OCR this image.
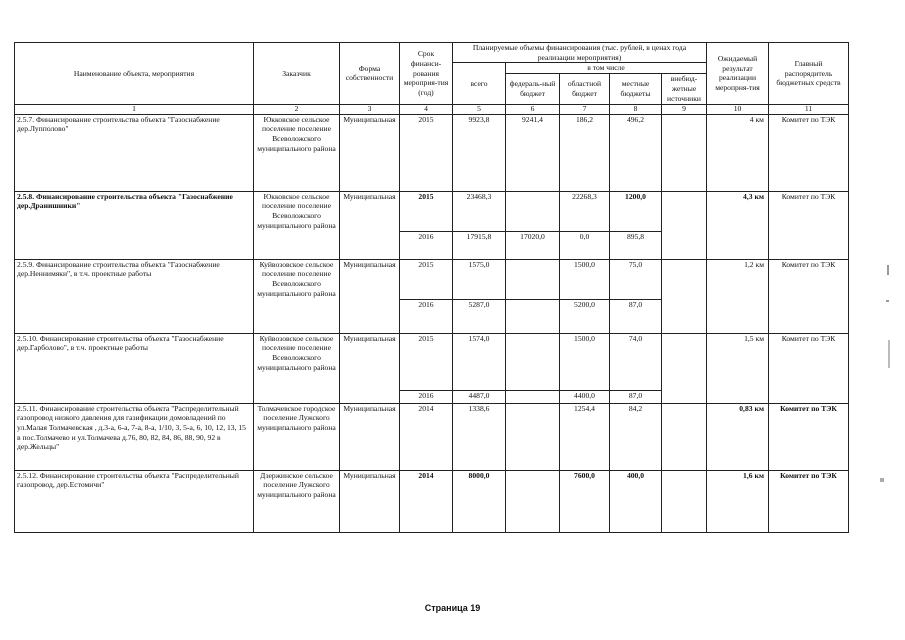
Наименование объекта, мероприятия	Заказчик	Форма собственности	Срок финанси-рования мероприя-тия (год)	Планируемые объемы финансирования (тыс. рублей, в ценах года реализации мероприятия)					Ожидаемый результат реализации меропрня-тия	Главный распорядитель бюджетных средств
				всего	в том числе					
					федераль-ный бюджет	областной бюджет	местные бюджеты	внебюд-жетные источники		
1	2	3	4	5	6	7	8	9	10	11
2.5.7. Финансирование строительства объекта "Газоснабжение дер.Лупполово"	Юкковское сельское поселение поселение Всеволожского муниципального района	Муниципальная	2015	9923,8	9241,4	186,2	496,2		4 км	Комитет по ТЭК
2.5.8. Финансирование строительства объекта "Газоснабжение дер.Дранишники"	Юкковское сельское поселение поселение Всеволожского муниципального района	Муниципальная	2015	23468,3		22268,3	1200,0		4,3 км	Комитет по ТЭК
			2016	17915,8	17020,0	0,0	895,8			
2.5.9. Финансирование строительства объекта "Газоснабжение дер.Неннимяки", в т.ч. проектные работы	Куйвозовское сельское поселение поселение Всеволожского муниципального района	Муниципальная	2015	1575,0		1500,0	75,0		1,2 км	Комитет по ТЭК
			2016	5287,0		5200,0	87,0			
2.5.10. Финансирование строительства объекта "Газоснабжение дер.Гарболово", в т.ч. проектные работы	Куйвозовское сельское поселение поселение Всеволожского муниципального района	Муниципальная	2015	1574,0		1500,0	74,0		1,5 км	Комитет по ТЭК
			2016	4487,0		4400,0	87,0			
2.5.11. Финансирование строительства объекта "Распределительный газопровод низкого давления для газификации домовладений по ул.Малая Толмачевская , д.3-а, 6-а, 7-а, 8-а, 1/10, 3, 5-а, 6, 10, 12, 13, 15 в пос.Толмачево и ул.Толмачева д.76, 80, 82, 84, 86, 88, 90, 92 в дер.Жельцы"	Толмачевское городское поселение Лужского муниципального района	Муниципальная	2014	1338,6		1254,4	84,2		0,83 км	Комитет по ТЭК
2.5.12. Финансирование строительства объекта "Распределительный газопровод, дер.Естомичи"	Дзержинское сельское поселение Лужского муниципального района	Муниципальная	2014	8000,0		7600,0	400,0		1,6 км	Комитет по ТЭК
Страница 19
